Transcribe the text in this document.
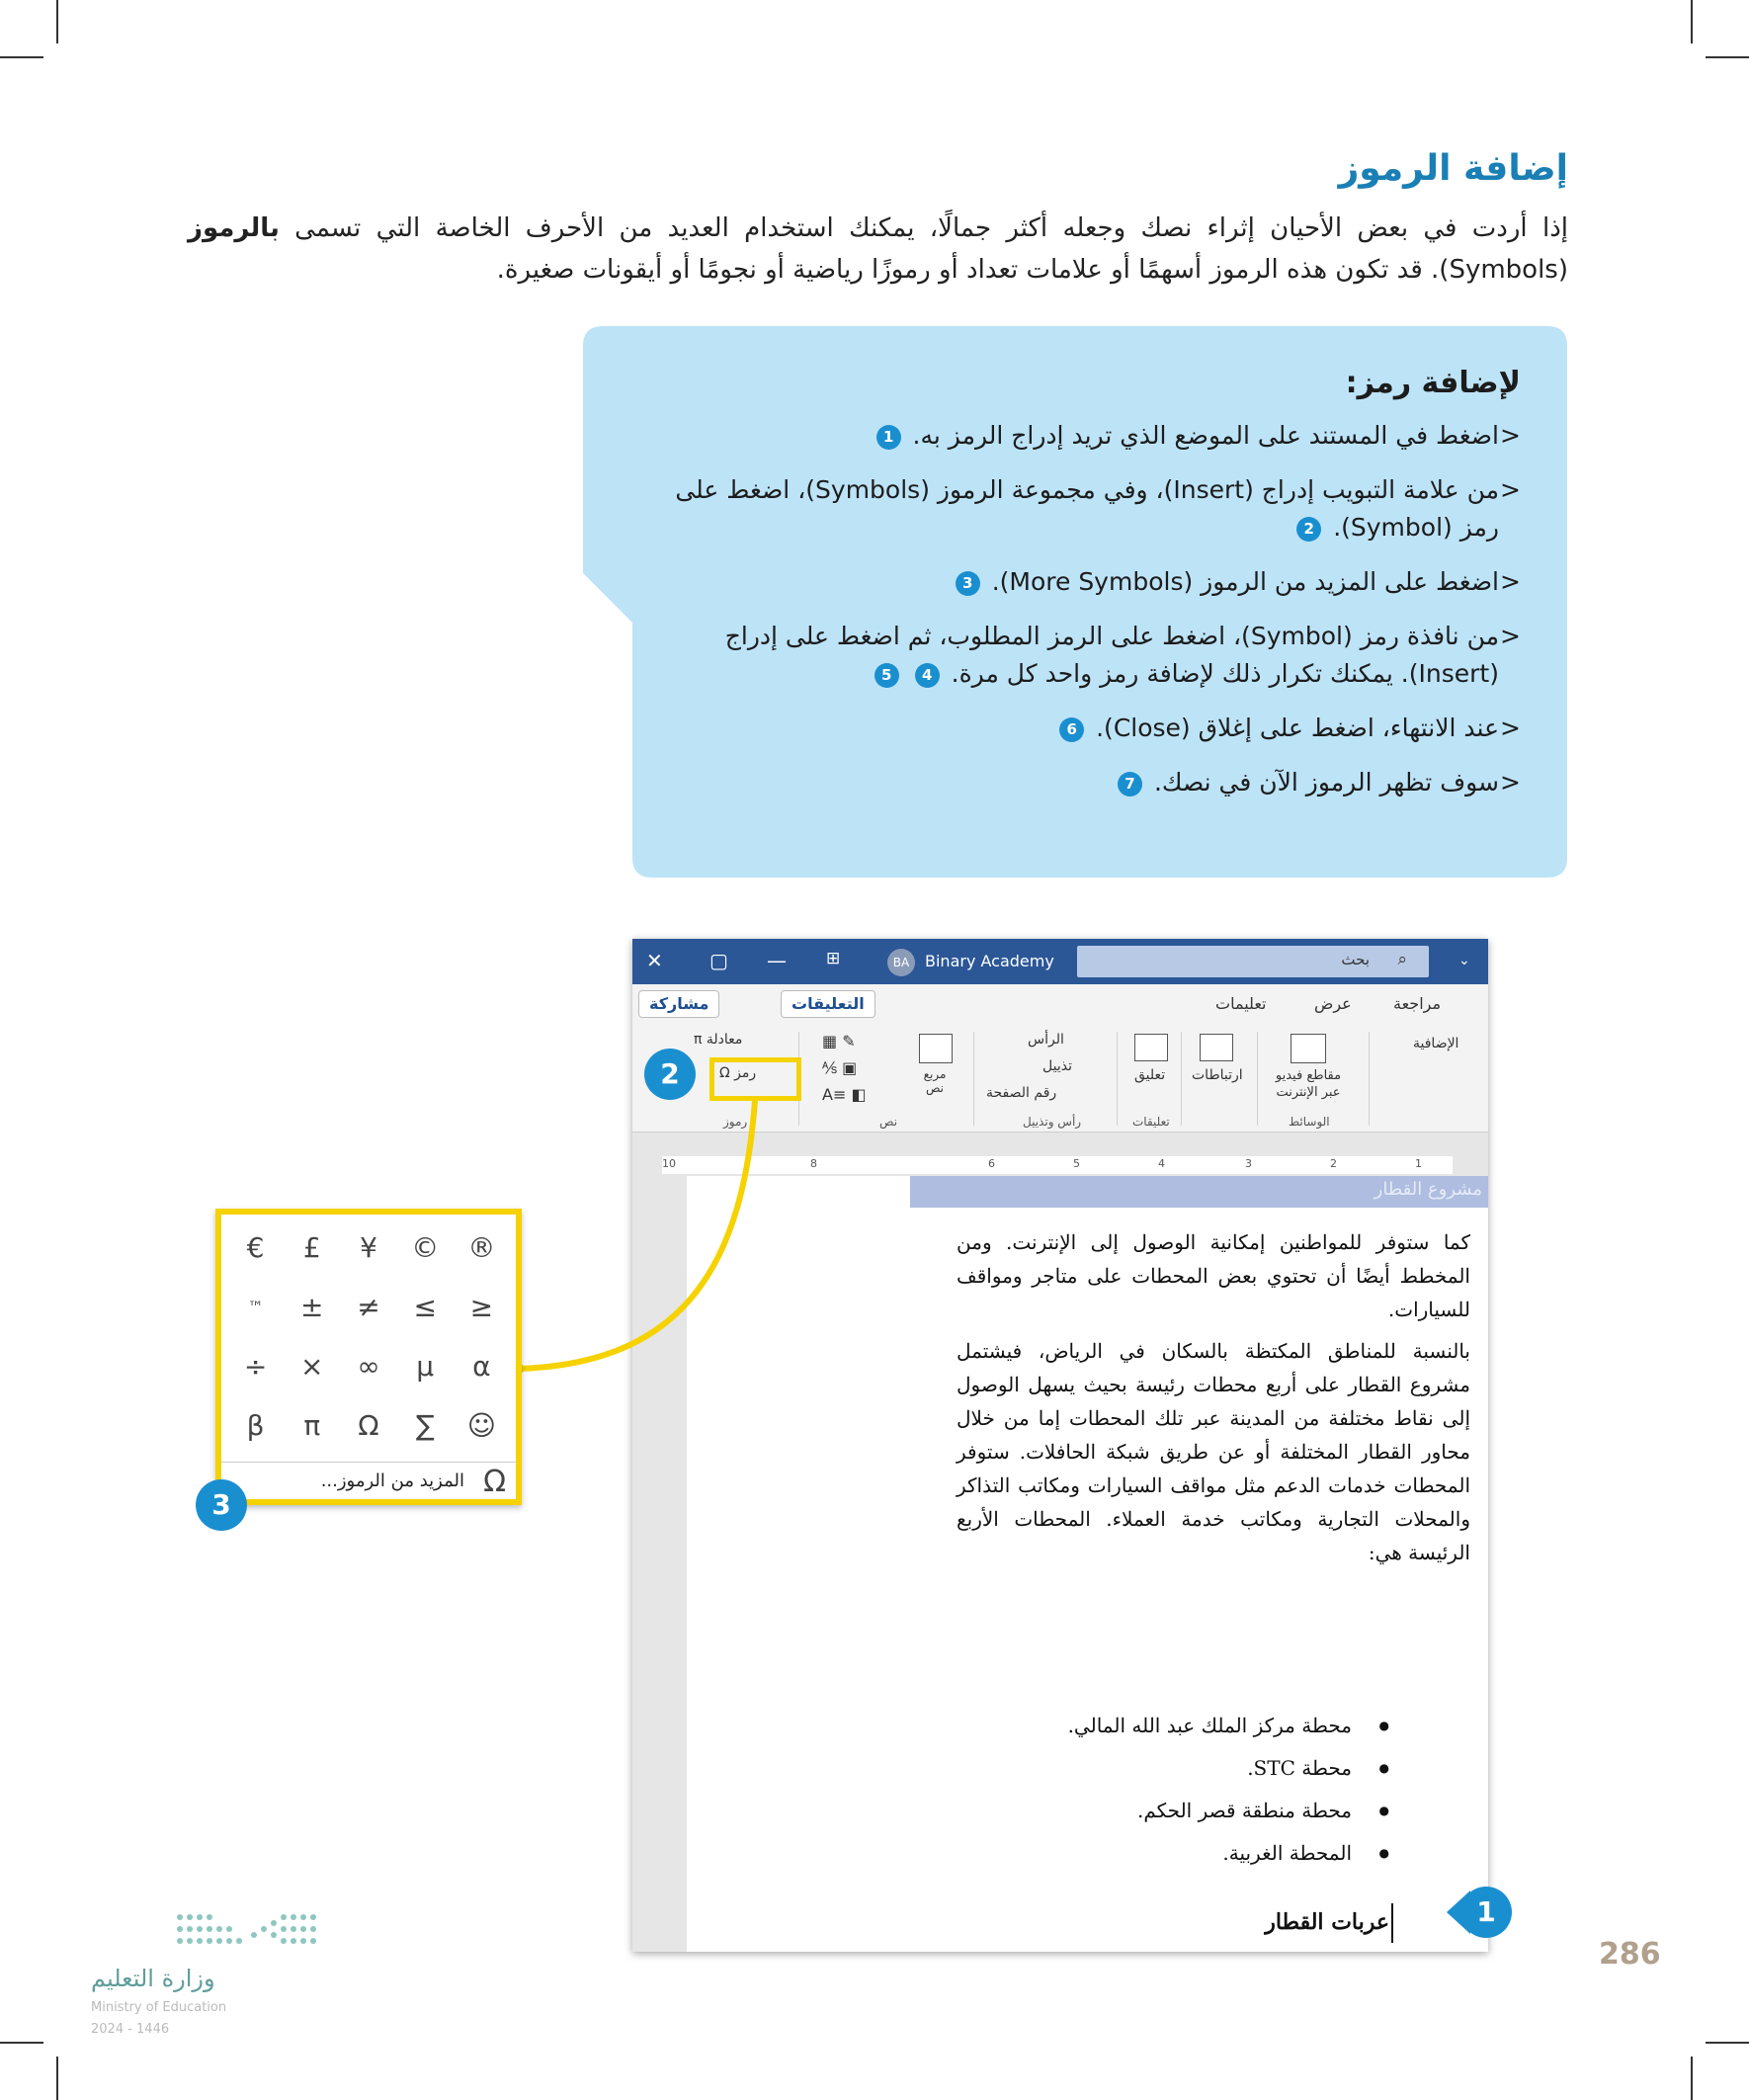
إضافة الرموز

إذا أردت في بعض الأحيان إثراء نصك وجعله أكثر جمالًا، يمكنك استخدام العديد من الأحرف الخاصة التي تسمى بالرموز (Symbols). قد تكون هذه الرموز أسهمًا أو علامات تعداد أو رموزًا رياضية أو نجومًا أو أيقونات صغيرة.

لإضافة رمز:
< اضغط في المستند على الموضع الذي تريد إدراج الرمز به. 1
< من علامة التبويب إدراج (Insert)، وفي مجموعة الرموز (Symbols)، اضغط على رمز (Symbol). 2
< اضغط على المزيد من الرموز (More Symbols). 3
< من نافذة رمز (Symbol)، اضغط على الرمز المطلوب، ثم اضغط على إدراج (Insert). يمكنك تكرار ذلك لإضافة رمز واحد كل مرة. 4 5
< عند الانتهاء، اضغط على إغلاق (Close). 6
< سوف تظهر الرموز الآن في نصك. 7
✕ ▢ — ⊞	BA Binary Academy	بحث ⌕	⌄
مشاركة	التعليقات	تعليمات	عرض	مراجعة
معادلة π
رمز Ω
رموز
✎ ▦
▣ ⅍
◧ ≡A
مربع نص
نص
الرأس
تذييل
رقم الصفحة
رأس وتذييل
تعليق
تعليقات
ارتباطات	مقاطع فيديو عبر الإنترنت
الوسائط
الإضافية
10	8	6	5	4	3	2	1
مشروع القطار

كما ستوفر للمواطنين إمكانية الوصول إلى الإنترنت. ومن المخطط أيضًا أن تحتوي بعض المحطات على متاجر ومواقف للسيارات.

بالنسبة للمناطق المكتظة بالسكان في الرياض، فيشتمل مشروع القطار على أربع محطات رئيسة بحيث يسهل الوصول إلى نقاط مختلفة من المدينة عبر تلك المحطات إما من خلال محاور القطار المختلفة أو عن طريق شبكة الحافلات. ستوفر المحطات خدمات الدعم مثل مواقف السيارات ومكاتب التذاكر والمحلات التجارية ومكاتب خدمة العملاء. المحطات الأربع الرئيسة هي:

● محطة مركز الملك عبد الله المالي.
● محطة STC.
● محطة منطقة قصر الحكم.
● المحطة الغربية.
عربات القطار
2
€	£	¥	©	®
™	±	≠	≤	≥
÷	×	∞	µ	α
β	π	Ω	∑	☺
Ω
المزيد من الرموز...
3
1
286
وزارة التعليم
Ministry of Education
2024 - 1446
